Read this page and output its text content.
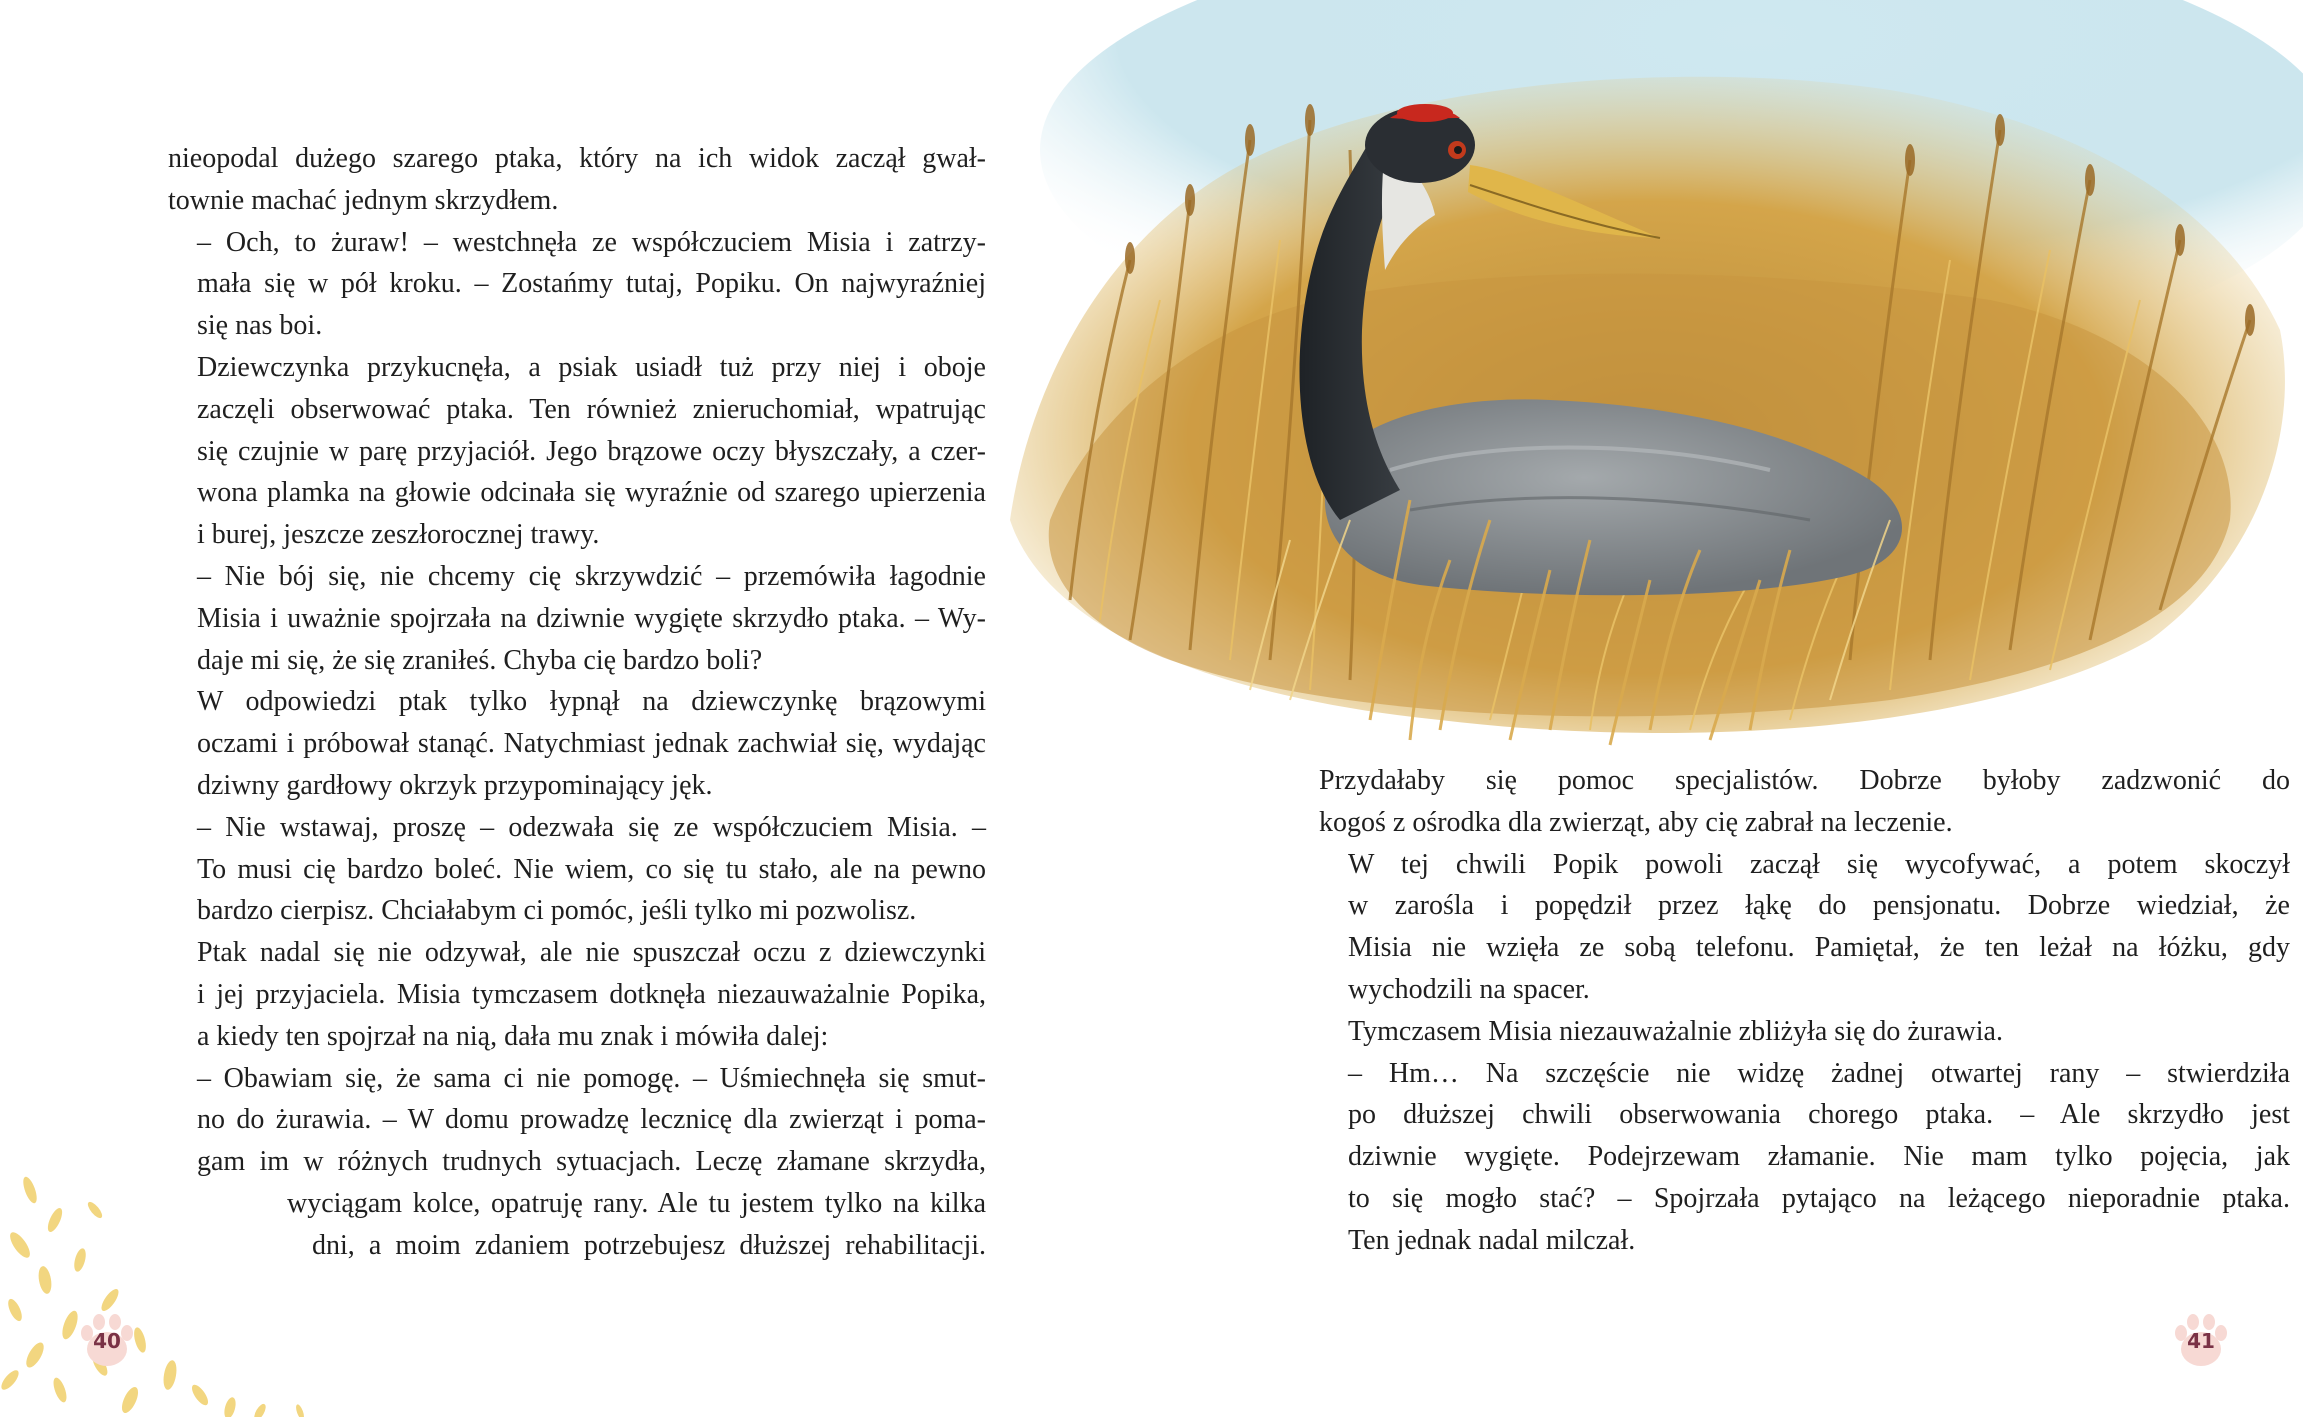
nieopodal dużego szarego ptaka, który na ich widok zaczął gwał-
townie machać jednym skrzydłem.

– Och, to żuraw! – westchnęła ze współczuciem Misia i zatrzy-
mała się w pół kroku. – Zostańmy tutaj, Popiku. On najwyraźniej
się nas boi.

Dziewczynka przykucnęła, a psiak usiadł tuż przy niej i oboje
zaczęli obserwować ptaka. Ten również znieruchomiał, wpatrując
się czujnie w parę przyjaciół. Jego brązowe oczy błyszczały, a czer-
wona plamka na głowie odcinała się wyraźnie od szarego upierzenia
i burej, jeszcze zeszłorocznej trawy.

– Nie bój się, nie chcemy cię skrzywdzić – przemówiła łagodnie
Misia i uważnie spojrzała na dziwnie wygięte skrzydło ptaka. – Wy-
daje mi się, że się zraniłeś. Chyba cię bardzo boli?

W odpowiedzi ptak tylko łypnął na dziewczynkę brązowymi
oczami i próbował stanąć. Natychmiast jednak zachwiał się, wydając
dziwny gardłowy okrzyk przypominający jęk.

– Nie wstawaj, proszę – odezwała się ze współczuciem Misia. –
To musi cię bardzo boleć. Nie wiem, co się tu stało, ale na pewno
bardzo cierpisz. Chciałabym ci pomóc, jeśli tylko mi pozwolisz.

Ptak nadal się nie odzywał, ale nie spuszczał oczu z dziewczynki
i jej przyjaciela. Misia tymczasem dotknęła niezauważalnie Popika,
a kiedy ten spojrzał na nią, dała mu znak i mówiła dalej:

– Obawiam się, że sama ci nie pomogę. – Uśmiechnęła się smut-
no do żurawia. – W domu prowadzę lecznicę dla zwierząt i poma-
gam im w różnych trudnych sytuacjach. Leczę złamane skrzydła,
wyciągam kolce, opatruję rany. Ale tu jestem tylko na kilka
dni, a moim zdaniem potrzebujesz dłuższej rehabilitacji.

40

Przydałaby się pomoc specjalistów. Dobrze byłoby zadzwonić do
kogoś z ośrodka dla zwierząt, aby cię zabrał na leczenie.

W tej chwili Popik powoli zaczął się wycofywać, a potem skoczył
w zarośla i popędził przez łąkę do pensjonatu. Dobrze wiedział, że
Misia nie wzięła ze sobą telefonu. Pamiętał, że ten leżał na łóżku, gdy
wychodzili na spacer.

Tymczasem Misia niezauważalnie zbliżyła się do żurawia.

– Hm… Na szczęście nie widzę żadnej otwartej rany – stwierdziła
po dłuższej chwili obserwowania chorego ptaka. – Ale skrzydło jest
dziwnie wygięte. Podejrzewam złamanie. Nie mam tylko pojęcia, jak
to się mogło stać? – Spojrzała pytająco na leżącego nieporadnie ptaka.
Ten jednak nadal milczał.

41
